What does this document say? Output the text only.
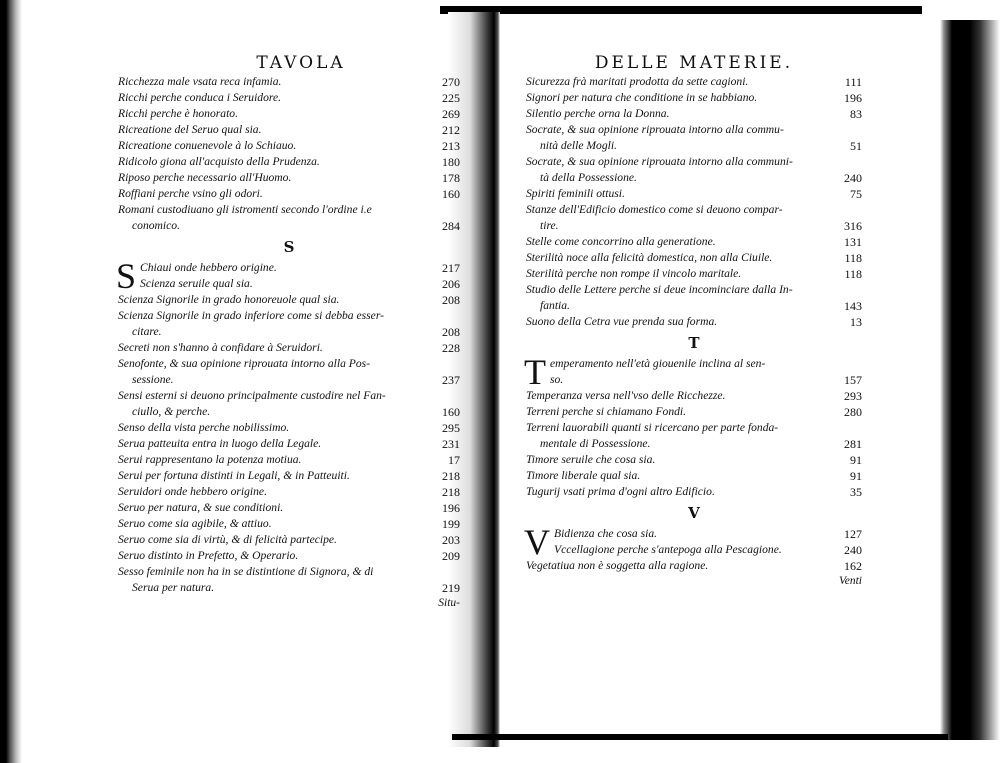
TAVOLA
Ricchezza male vsata reca infamia.	270
Ricchi perche conduca i Seruidore.	225
Ricchi perche è honorato.	269
Ricreatione del Seruo qual sia.	212
Ricreatione conuenevole à lo Schiauo.	213
Ridicolo giona all'acquisto della Prudenza.	180
Riposo perche necessario all'Huomo.	178
Roffiani perche vsino gli odori.	160
Romani custodiuano gli istromenti secondo l'ordine i.e
conomico.	284
S
S Chiaui onde hebbero origine.	217
Scienza seruile qual sia.	206
Scienza Signorile in grado honoreuole qual sia.	208
Scienza Signorile in grado inferiore come si debba esser-
citare.	208
Secreti non s'hanno à confidare à Seruidori.	228
Senofonte, & sua opinione riprouata intorno alla Pos-
sessione.	237
Sensi esterni si deuono principalmente custodire nel Fan-
ciullo, & perche.	160
Senso della vista perche nobilissimo.	295
Serua patteuita entra in luogo della Legale.	231
Serui rappresentano la potenza motiua.	17
Serui per fortuna distinti in Legali, & in Patteuiti.	218
Seruidori onde hebbero origine.	218
Seruo per natura, & sue conditioni.	196
Seruo come sia agibile, & attiuo.	199
Seruo come sia di virtù, & di felicità partecipe.	203
Seruo distinto in Prefetto, & Operario.	209
Sesso feminile non ha in se distintione di Signora, & di
Serua per natura.	219
Situ-
DELLE MATERIE.
Sicurezza frà maritati prodotta da sette cagioni.	111
Signori per natura che conditione in se habbiano.	196
Silentio perche orna la Donna.	83
Socrate, & sua opinione riprouata intorno alla commu-
nità delle Mogli.	51
Socrate, & sua opinione riprouata intorno alla communi-
tà della Possessione.	240
Spiriti feminili ottusi.	75
Stanze dell'Edificio domestico come si deuono compar-
tire.	316
Stelle come concorrino alla generatione.	131
Sterilità noce alla felicità domestica, non alla Ciuile.	118
Sterilità perche non rompe il vincolo maritale.	118
Studio delle Lettere perche si deue incominciare dalla In-
fantia.	143
Suono della Cetra vue prenda sua forma.	13
T
Temperamento nell'età giouenile inclina al sen-
so.	157
Temperanza versa nell'vso delle Ricchezze.	293
Terreni perche si chiamano Fondi.	280
Terreni lauorabili quanti si ricercano per parte fonda-
mentale di Possessione.	281
Timore seruile che cosa sia.	91
Timore liberale qual sia.	91
Tugurij vsati prima d'ogni altro Edificio.	35
V
V Bidienza che cosa sia.	127
Vccellagione perche s'antepoga alla Pescagione.	240
Vegetatiua non è soggetta alla ragione.	162
Venti
